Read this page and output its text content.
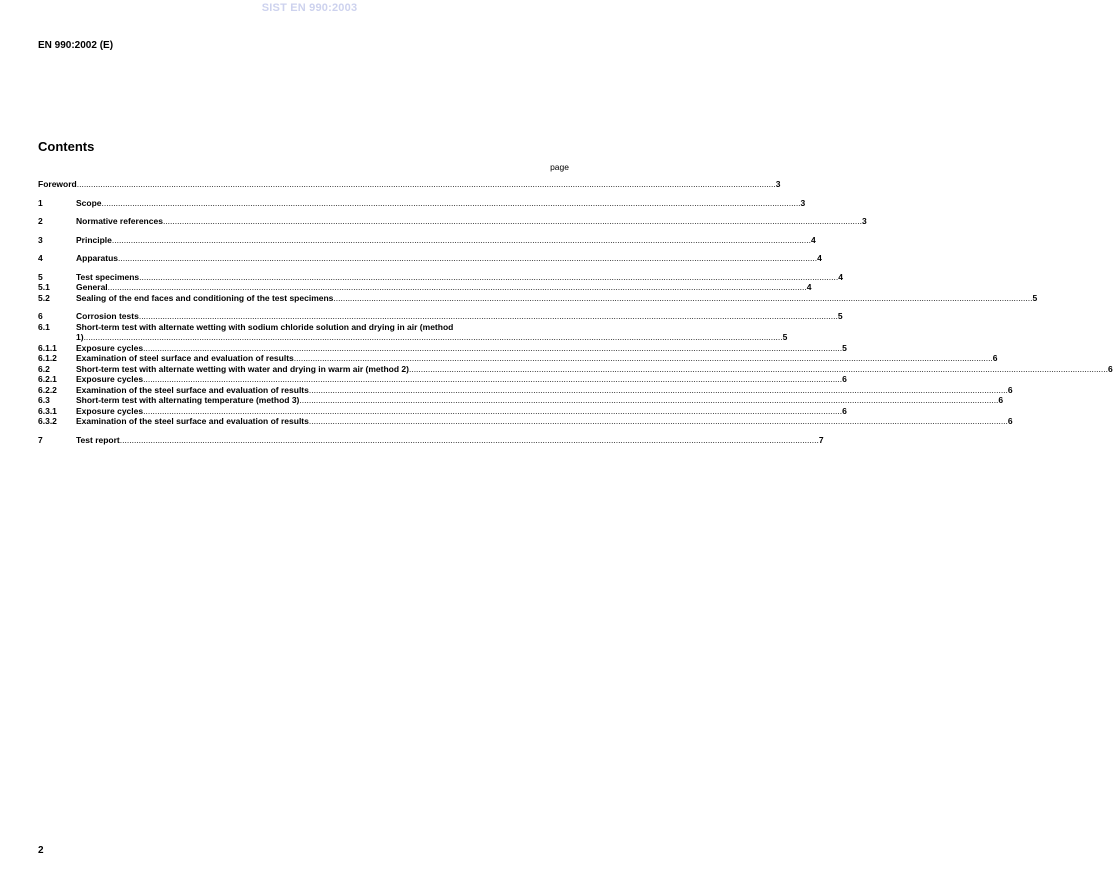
SIST EN 990:2003
EN 990:2002 (E)
Contents
page
Foreword .....	3
1	Scope .....	3
2	Normative references .....	3
3	Principle .....	4
4	Apparatus .....	4
5	Test specimens .....	4
5.1	General .....	4
5.2	Sealing of the end faces and conditioning of the test specimens .....	5
6	Corrosion tests .....	5
6.1	Short-term test with alternate wetting with sodium chloride solution and drying in air (method
1) .....	5
6.1.1	Exposure cycles .....	5
6.1.2	Examination of steel surface and evaluation of results .....	6
6.2	Short-term test with alternate wetting with water and drying in warm air (method 2) .....	6
6.2.1	Exposure cycles .....	6
6.2.2	Examination of the steel surface and evaluation of results .....	6
6.3	Short-term test with alternating temperature (method 3) .....	6
6.3.1	Exposure cycles .....	6
6.3.2	Examination of the steel surface and evaluation of results .....	6
7	Test report .....	7
2
